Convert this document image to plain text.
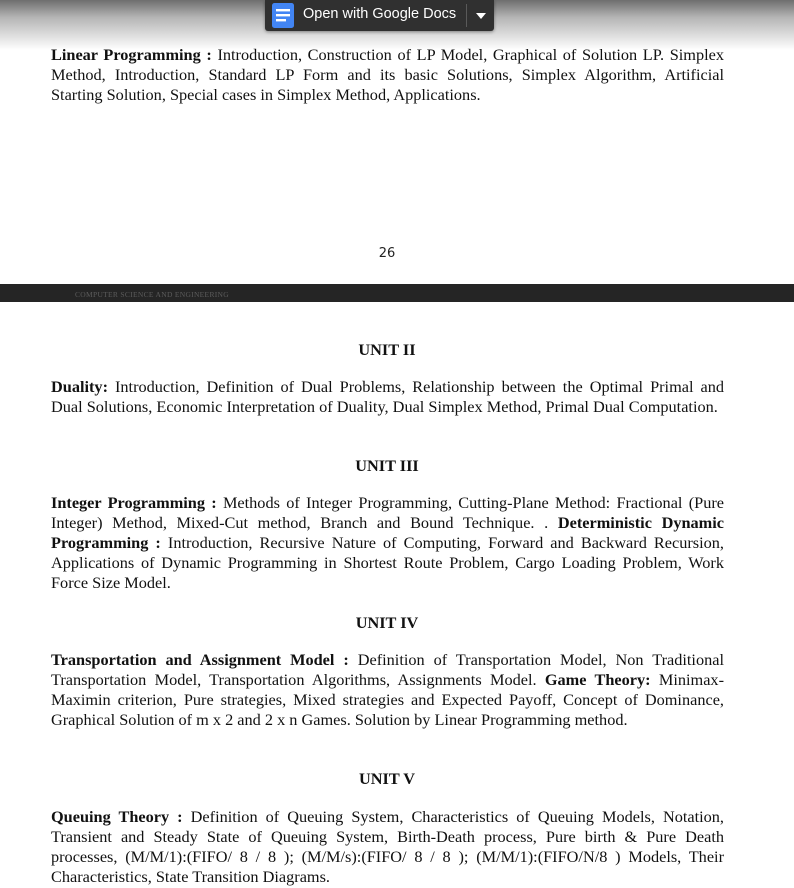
Linear Programming : Introduction, Construction of LP Model, Graphical of Solution LP. Simplex Method, Introduction, Standard LP Form and its basic Solutions, Simplex Algorithm, Artificial Starting Solution, Special cases in Simplex Method, Applications.

26
Open with Google Docs
COMPUTER SCIENCE AND ENGINEERING
UNIT II

Duality: Introduction, Definition of Dual Problems, Relationship between the Optimal Primal and Dual Solutions, Economic Interpretation of Duality, Dual Simplex Method, Primal Dual Computation.

UNIT III

Integer Programming : Methods of Integer Programming, Cutting-Plane Method: Fractional (Pure Integer) Method, Mixed-Cut method, Branch and Bound Technique. . Deterministic Dynamic Programming : Introduction, Recursive Nature of Computing, Forward and Backward Recursion, Applications of Dynamic Programming in Shortest Route Problem, Cargo Loading Problem, Work Force Size Model.

UNIT IV

Transportation and Assignment Model : Definition of Transportation Model, Non Traditional Transportation Model, Transportation Algorithms, Assignments Model. Game Theory: Minimax-Maximin criterion, Pure strategies, Mixed strategies and Expected Payoff, Concept of Dominance, Graphical Solution of m x 2 and 2 x n Games. Solution by Linear Programming method.

UNIT V

Queuing Theory : Definition of Queuing System, Characteristics of Queuing Models, Notation, Transient and Steady State of Queuing System, Birth-Death process, Pure birth & Pure Death processes, (M/M/1):(FIFO/ 8 / 8 ); (M/M/s):(FIFO/ 8 / 8 ); (M/M/1):(FIFO/N/8 ) Models, Their Characteristics, State Transition Diagrams.
